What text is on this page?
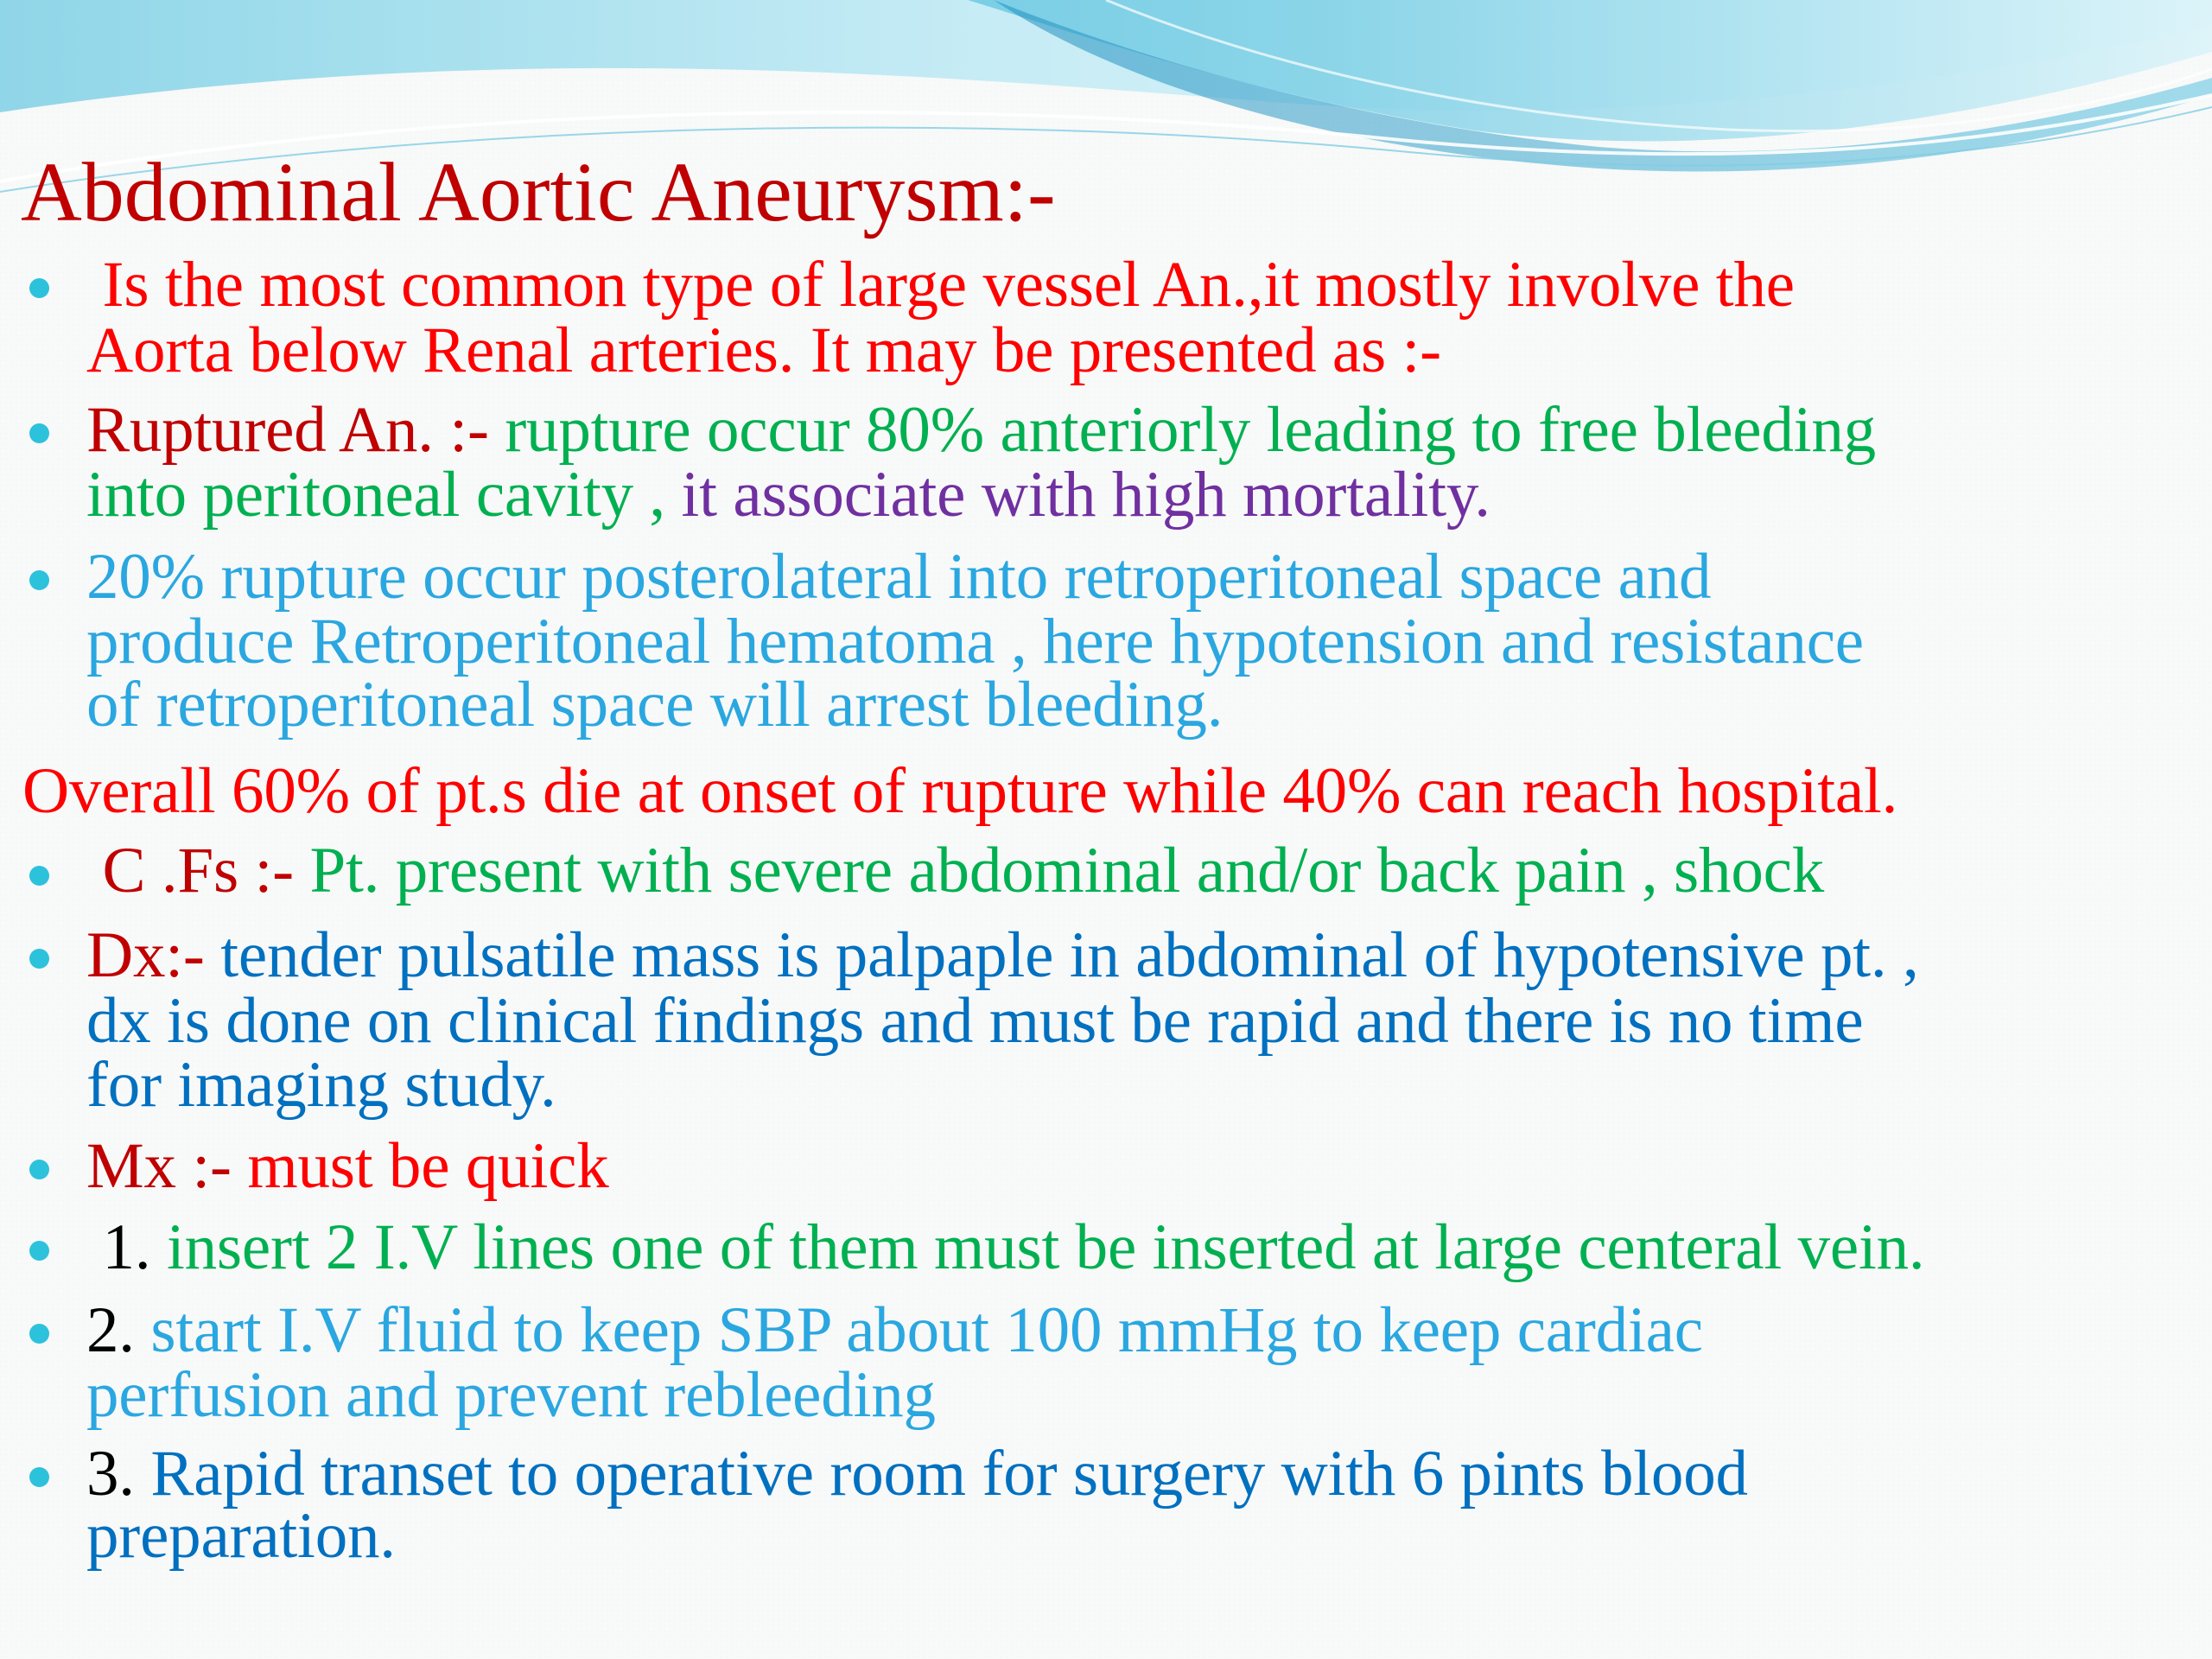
Abdominal Aortic Aneurysm:-
Is the most common type of large vessel An.,it mostly involve the
Aorta below Renal arteries. It may be presented as :-
Ruptured An. :- rupture occur 80% anteriorly leading to free bleeding
into peritoneal cavity , it associate with high mortality.
20% rupture occur posterolateral into retroperitoneal space and
produce Retroperitoneal hematoma , here hypotension and resistance
of retroperitoneal space will arrest bleeding.
Overall 60% of pt.s die at onset of rupture while 40% can reach hospital.
C .Fs :- Pt. present with severe abdominal and/or back pain , shock
Dx:- tender pulsatile mass is palpaple in abdominal of hypotensive pt. ,
dx is done on clinical findings and must be rapid and there is no time
for imaging study.
Mx :- must be quick
1. insert 2 I.V lines one of them must be inserted at large centeral vein.
2. start I.V fluid to keep SBP about 100 mmHg to keep cardiac
perfusion and prevent rebleeding
3. Rapid transet to operative room for surgery with 6 pints blood
preparation.
